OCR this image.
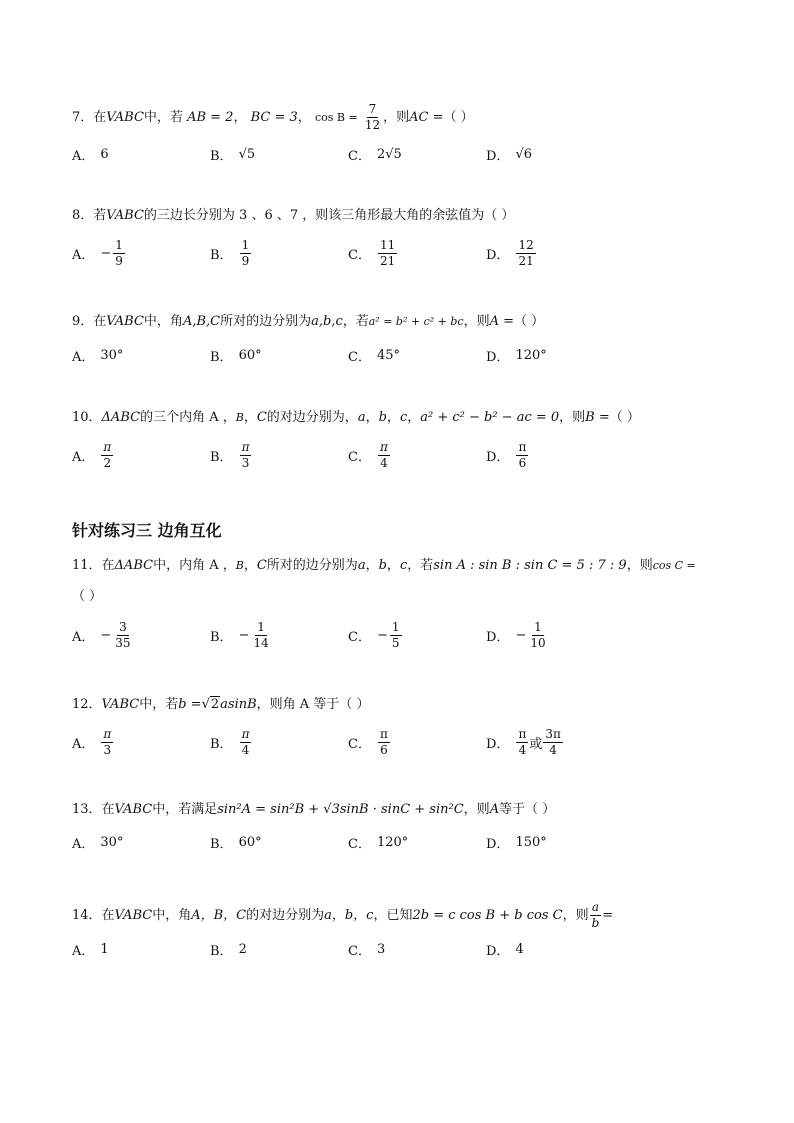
7．在VABC中，若 AB = 2， BC = 3， $\cos B = \frac{7}{12}$ ，则AC =（ ）
A． 6	B． √5	C． 2√5	D． √6
8．若VABC的三边长分别为 3 、6 、7 ，则该三角形最大角的余弦值为（ ）
A． − $\frac{1}{9}$	B． $\frac{1}{9}$	C． $\frac{11}{21}$	D． $\frac{12}{21}$
9．在VABC中，角A,B,C所对的边分别为a,b,c，若a² = b² + c² + bc，则A =（ ）
A． 30°	B． 60°	C． 45°	D． 120°
10．ΔABC的三个内角 A ，B，C的对边分别为，a，b，c，a² + c² − b² − ac = 0，则B =（ ）
A． $\frac{\pi}{2}$	B． $\frac{\pi}{3}$	C． $\frac{\pi}{4}$	D． $\frac{\pi}{6}$
针对练习三 边角互化
11．在ΔABC中，内角 A ，B，C所对的边分别为a，b，c，若sin A : sin B : sin C = 5 : 7 : 9，则cos C =
（ ）
A． − $\frac{3}{35}$	B． − $\frac{1}{14}$	C． − $\frac{1}{5}$	D． − $\frac{1}{10}$
12．VABC中，若b =√2asinB，则角 A 等于（ ）
A． $\frac{\pi}{3}$	B． $\frac{\pi}{4}$	C． $\frac{\pi}{6}$	D． $\frac{\pi}{4}$ 或 $\frac{3\pi}{4}$
13．在VABC中，若满足sin²A = sin²B + √3sinB · sinC + sin²C，则A等于（ ）
A． 30°	B． 60°	C． 120°	D． 150°
14．在VABC中，角A，B，C的对边分别为a，b，c，已知2b = c cos B + b cos C，则 $\frac{a}{b}$ =
A． 1	B． 2	C． 3	D． 4
